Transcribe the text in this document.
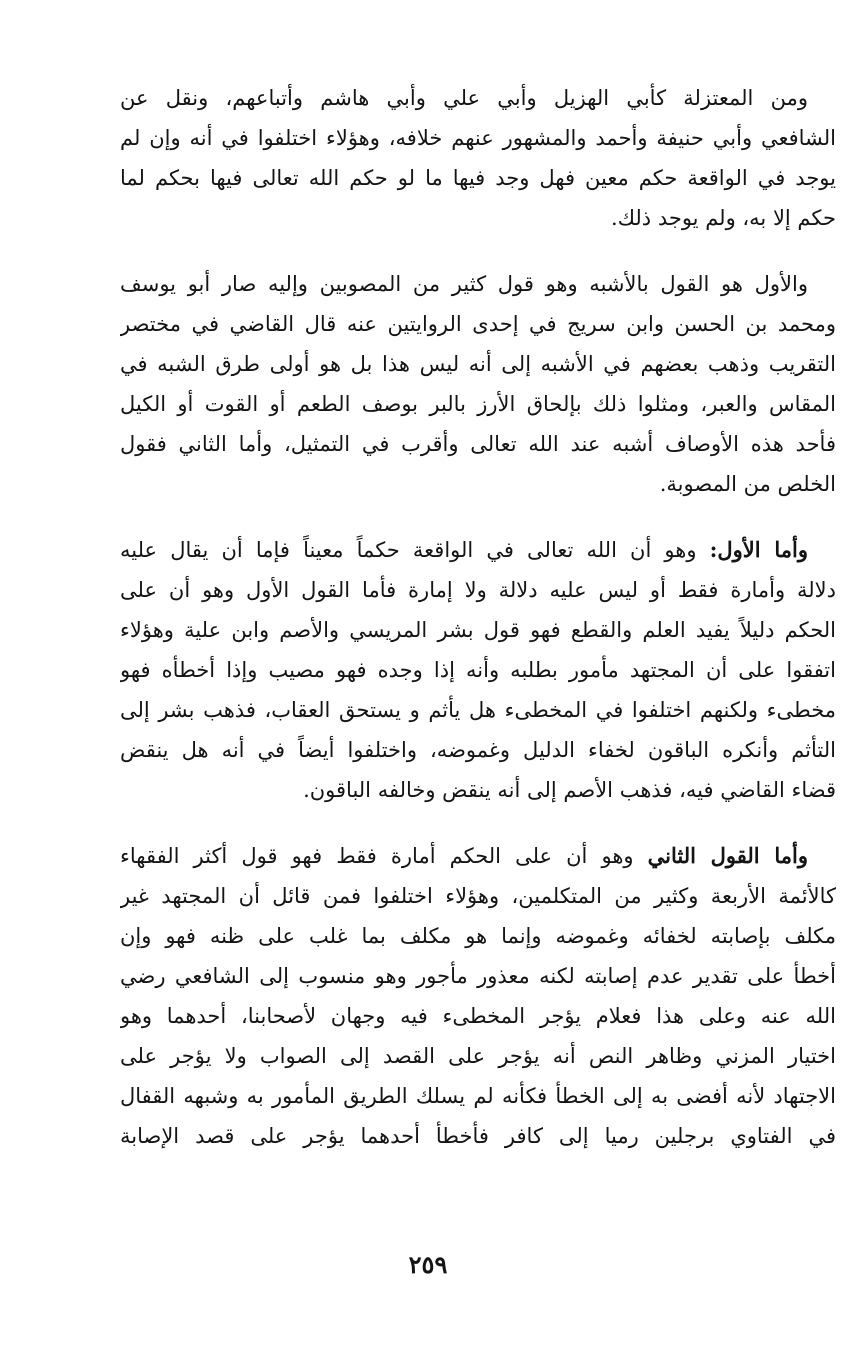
ومن المعتزلة كأبي الهزيل وأبي علي وأبي هاشم وأتباعهم، ونقل عن
الشافعي وأبي حنيفة وأحمد والمشهور عنهم خلافه، وهؤلاء اختلفوا في أنه وإن لم
يوجد في الواقعة حكم معين فهل وجد فيها ما لو حكم الله تعالى فيها بحكم لما
حكم إلا به، ولم يوجد ذلك.
والأول هو القول بالأشبه وهو قول كثير من المصوبين وإليه صار أبو يوسف
ومحمد بن الحسن وابن سريج في إحدى الروايتين عنه قال القاضي في مختصر
التقريب وذهب بعضهم في الأشبه إلى أنه ليس هذا بل هو أولى طرق الشبه في
المقاس والعبر، ومثلوا ذلك بإلحاق الأرز بالبر بوصف الطعم أو القوت أو الكيل
فأحد هذه الأوصاف أشبه عند الله تعالى وأقرب في التمثيل، وأما الثاني فقول
الخلص من المصوبة.
وأما الأول: وهو أن الله تعالى في الواقعة حكماً معيناً فإما أن يقال عليه
دلالة وأمارة فقط أو ليس عليه دلالة ولا إمارة فأما القول الأول وهو أن على
الحكم دليلاً يفيد العلم والقطع فهو قول بشر المريسي والأصم وابن علية وهؤلاء
اتفقوا على أن المجتهد مأمور بطلبه وأنه إذا وجده فهو مصيب وإذا أخطأه فهو
مخطىء ولكنهم اختلفوا في المخطىء هل يأثم و يستحق العقاب، فذهب بشر إلى
التأثم وأنكره الباقون لخفاء الدليل وغموضه، واختلفوا أيضاً في أنه هل ينقض
قضاء القاضي فيه، فذهب الأصم إلى أنه ينقض وخالفه الباقون.
وأما القول الثاني وهو أن على الحكم أمارة فقط فهو قول أكثر الفقهاء
كالأئمة الأربعة وكثير من المتكلمين، وهؤلاء اختلفوا فمن قائل أن المجتهد غير
مكلف بإصابته لخفائه وغموضه وإنما هو مكلف بما غلب على ظنه فهو وإن
أخطأ على تقدير عدم إصابته لكنه معذور مأجور وهو منسوب إلى الشافعي رضي
الله عنه وعلى هذا فعلام يؤجر المخطىء فيه وجهان لأصحابنا، أحدهما وهو
اختيار المزني وظاهر النص أنه يؤجر على القصد إلى الصواب ولا يؤجر على
الاجتهاد لأنه أفضى به إلى الخطأ فكأنه لم يسلك الطريق المأمور به وشبهه القفال
في الفتاوي برجلين رميا إلى كافر فأخطأ أحدهما يؤجر على قصد الإصابة
٢٥٩
